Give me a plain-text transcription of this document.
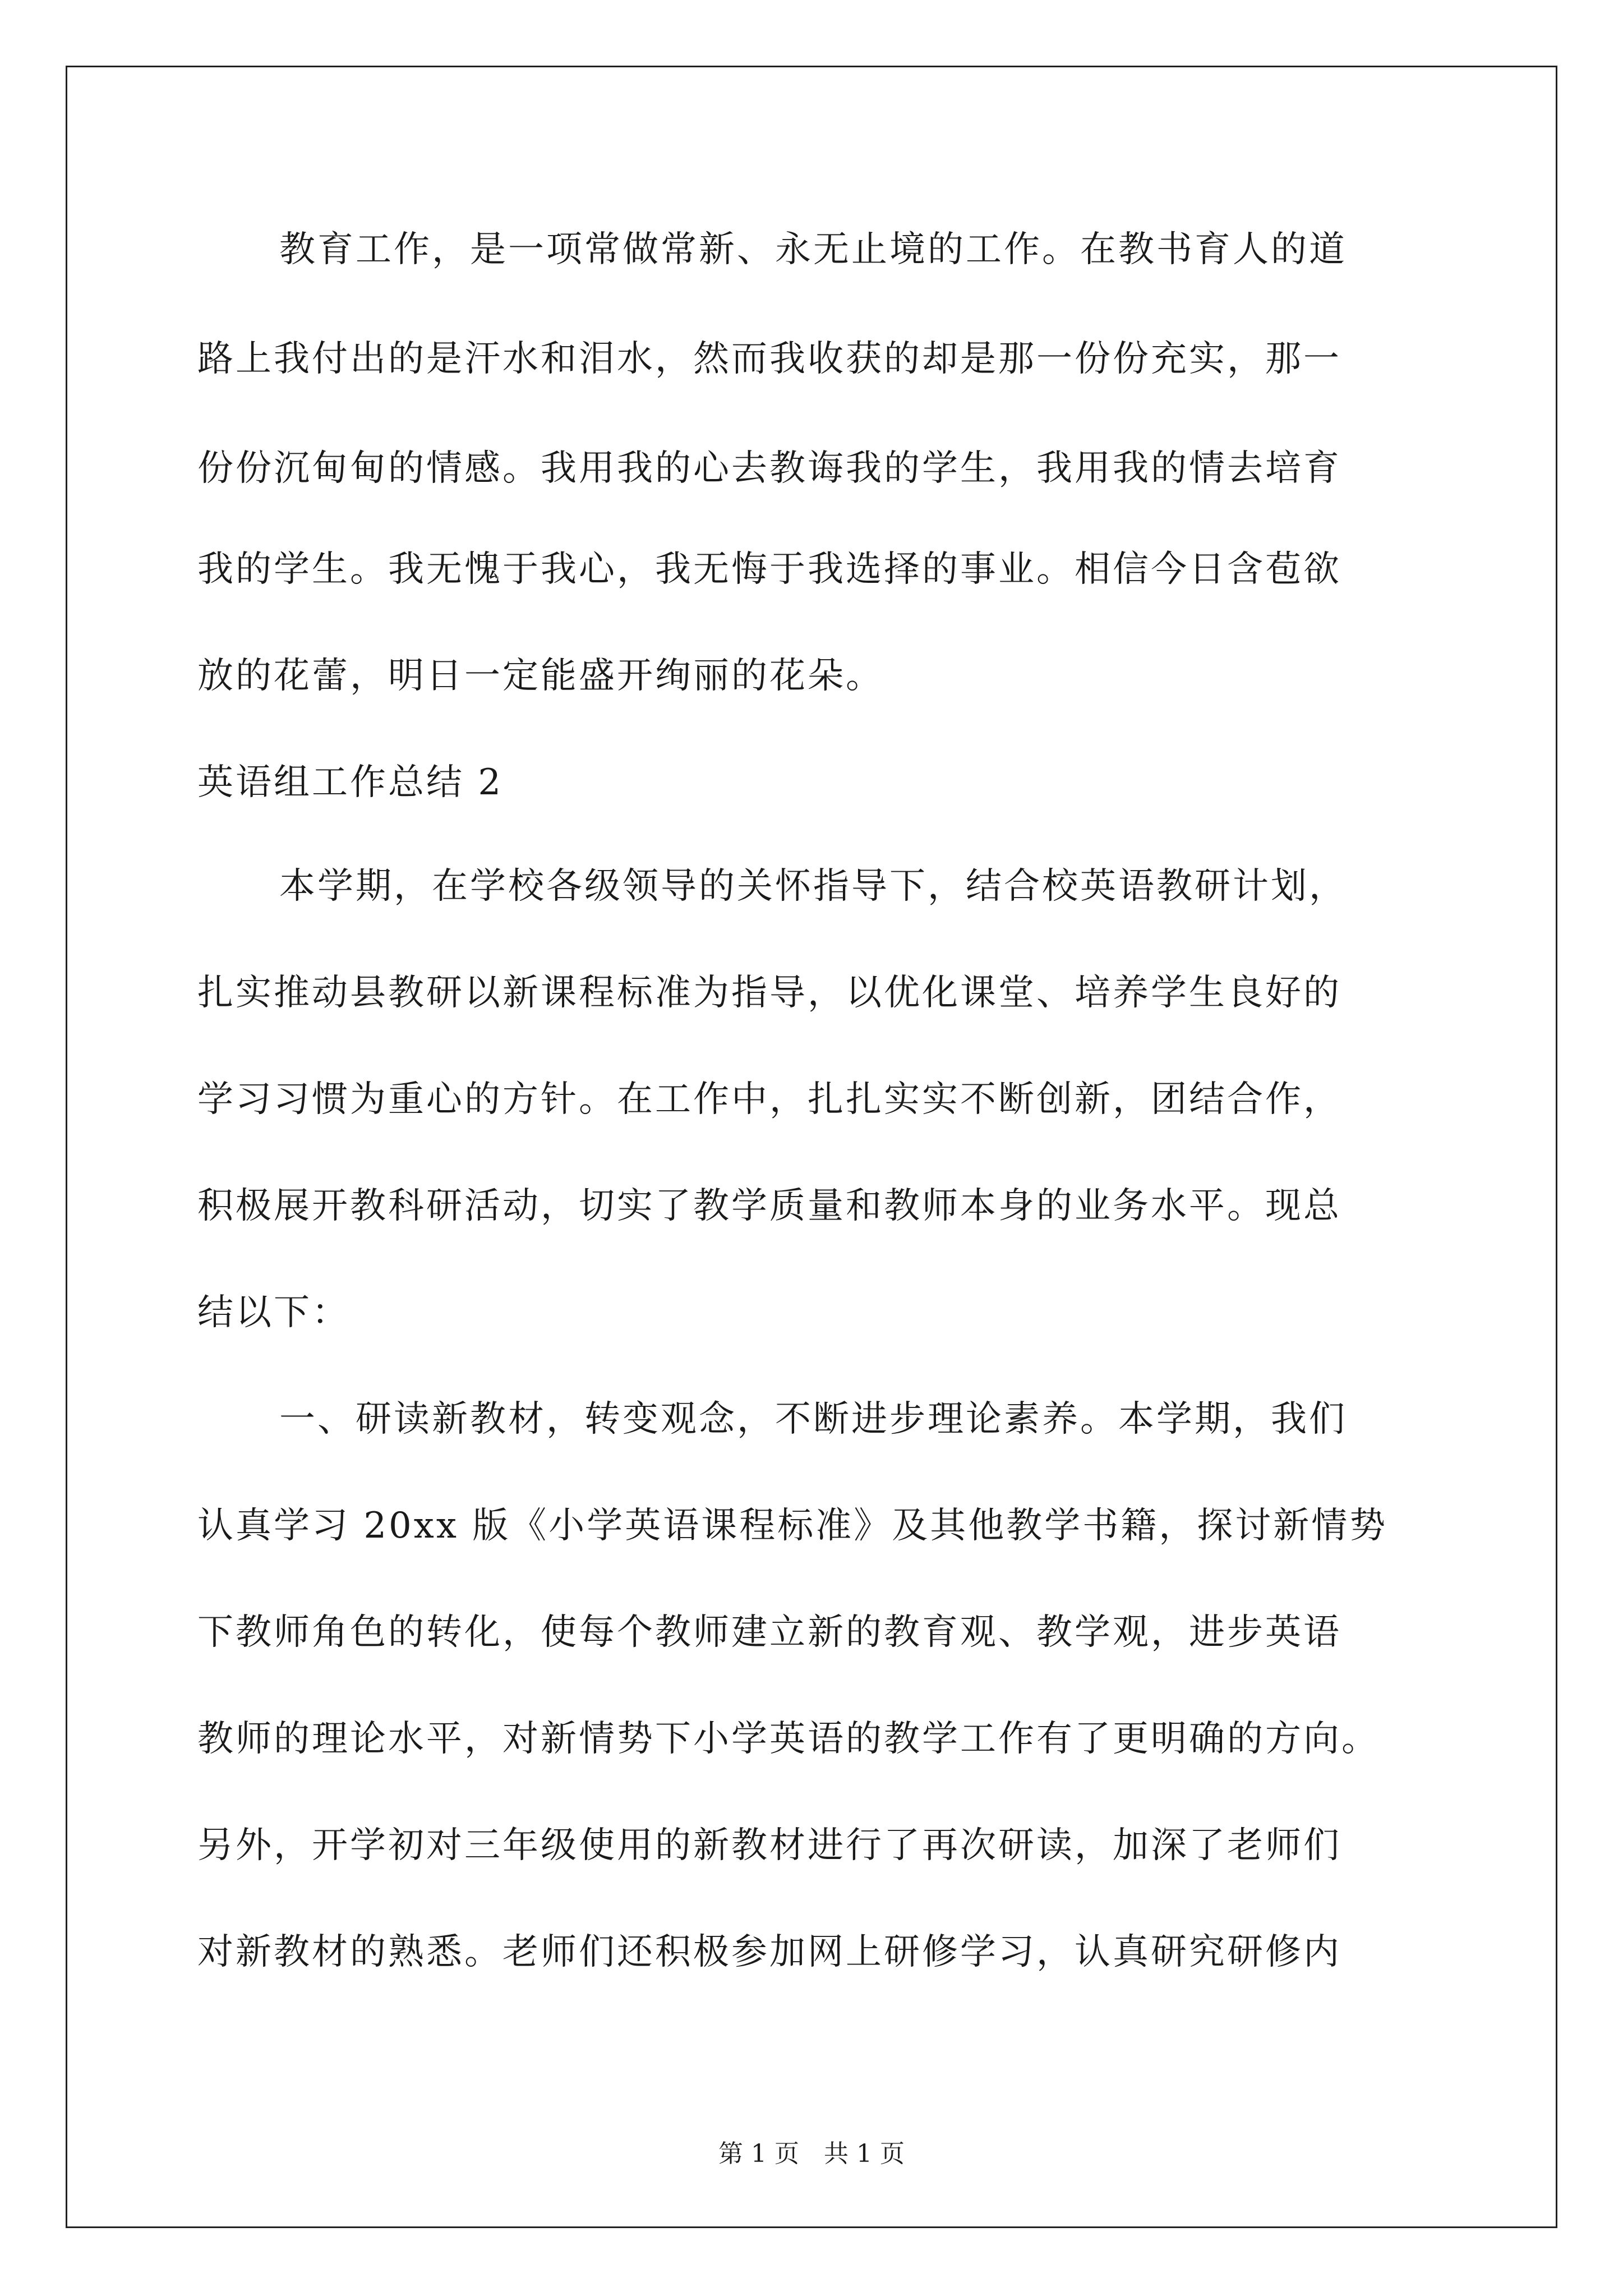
教育工作，是一项常做常新、永无止境的工作。在教书育人的道
路上我付出的是汗水和泪水，然而我收获的却是那一份份充实，那一
份份沉甸甸的情感。我用我的心去教诲我的学生，我用我的情去培育
我的学生。我无愧于我心，我无悔于我选择的事业。相信今日含苞欲
放的花蕾，明日一定能盛开绚丽的花朵。
英语组工作总结 2
本学期，在学校各级领导的关怀指导下，结合校英语教研计划，
扎实推动县教研以新课程标准为指导，以优化课堂、培养学生良好的
学习习惯为重心的方针。在工作中，扎扎实实不断创新，团结合作，
积极展开教科研活动，切实了教学质量和教师本身的业务水平。现总
结以下：
一、研读新教材，转变观念，不断进步理论素养。本学期，我们
认真学习 20xx 版《小学英语课程标准》及其他教学书籍，探讨新情势
下教师角色的转化，使每个教师建立新的教育观、教学观，进步英语
教师的理论水平，对新情势下小学英语的教学工作有了更明确的方向。
另外，开学初对三年级使用的新教材进行了再次研读，加深了老师们
对新教材的熟悉。老师们还积极参加网上研修学习，认真研究研修内
第 1 页　共 1 页
